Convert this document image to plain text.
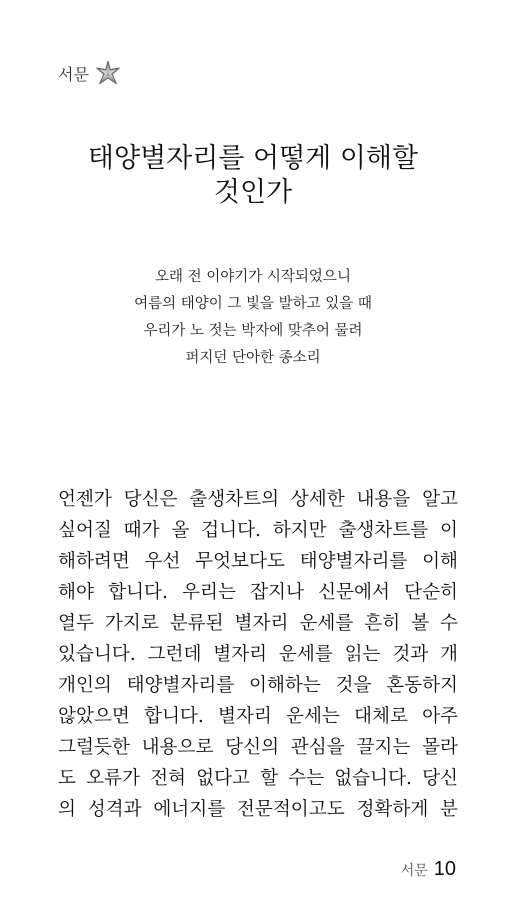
서문
태양별자리를 어떻게 이해할
것인가
오래 전 이야기가 시작되었으니
여름의 태양이 그 빛을 발하고 있을 때
우리가 노 젓는 박자에 맞추어 물려
퍼지던 단아한 종소리
언젠가 당신은 출생차트의 상세한 내용을 알고
싶어질 때가 올 겁니다. 하지만 출생차트를 이
해하려면 우선 무엇보다도 태양별자리를 이해
해야 합니다. 우리는 잡지나 신문에서 단순히
열두 가지로 분류된 별자리 운세를 흔히 볼 수
있습니다. 그런데 별자리 운세를 읽는 것과 개
개인의 태양별자리를 이해하는 것을 혼동하지
않았으면 합니다. 별자리 운세는 대체로 아주
그럴듯한 내용으로 당신의 관심을 끌지는 몰라
도 오류가 전혀 없다고 할 수는 없습니다. 당신
의 성격과 에너지를 전문적이고도 정확하게 분
서문 10
